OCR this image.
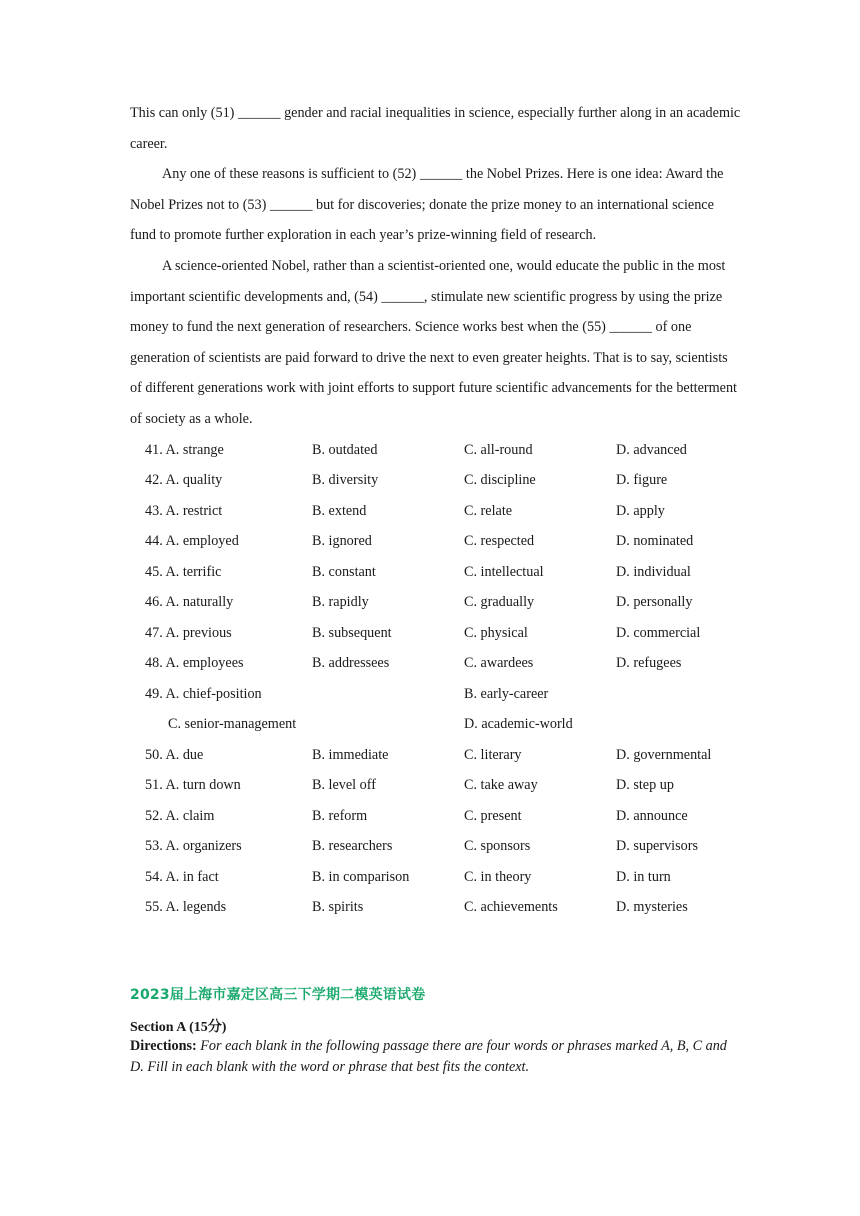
This can only (51) ______ gender and racial inequalities in science, especially further along in an academic career.

Any one of these reasons is sufficient to (52) ______ the Nobel Prizes. Here is one idea: Award the Nobel Prizes not to (53) ______ but for discoveries; donate the prize money to an international science fund to promote further exploration in each year’s prize-winning field of research.

A science-oriented Nobel, rather than a scientist-oriented one, would educate the public in the most important scientific developments and, (54) ______, stimulate new scientific progress by using the prize money to fund the next generation of researchers. Science works best when the (55) ______ of one generation of scientists are paid forward to drive the next to even greater heights. That is to say, scientists of different generations work with joint efforts to support future scientific advancements for the betterment of society as a whole.

41. A. strange	B. outdated	C. all-round	D. advanced
42. A. quality	B. diversity	C. discipline	D. figure
43. A. restrict	B. extend	C. relate	D. apply
44. A. employed	B. ignored	C. respected	D. nominated
45. A. terrific	B. constant	C. intellectual	D. individual
46. A. naturally	B. rapidly	C. gradually	D. personally
47. A. previous	B. subsequent	C. physical	D. commercial
48. A. employees	B. addressees	C. awardees	D. refugees
49. A. chief-position	B. early-career
C. senior-management	D. academic-world
50. A. due	B. immediate	C. literary	D. governmental
51. A. turn down	B. level off	C. take away	D. step up
52. A. claim	B. reform	C. present	D. announce
53. A. organizers	B. researchers	C. sponsors	D. supervisors
54. A. in fact	B. in comparison	C. in theory	D. in turn
55. A. legends	B. spirits	C. achievements	D. mysteries
2023届上海市嘉定区高三下学期二模英语试卷
Section A (15分)
Directions: For each blank in the following passage there are four words or phrases marked A, B, C and D. Fill in each blank with the word or phrase that best fits the context.
